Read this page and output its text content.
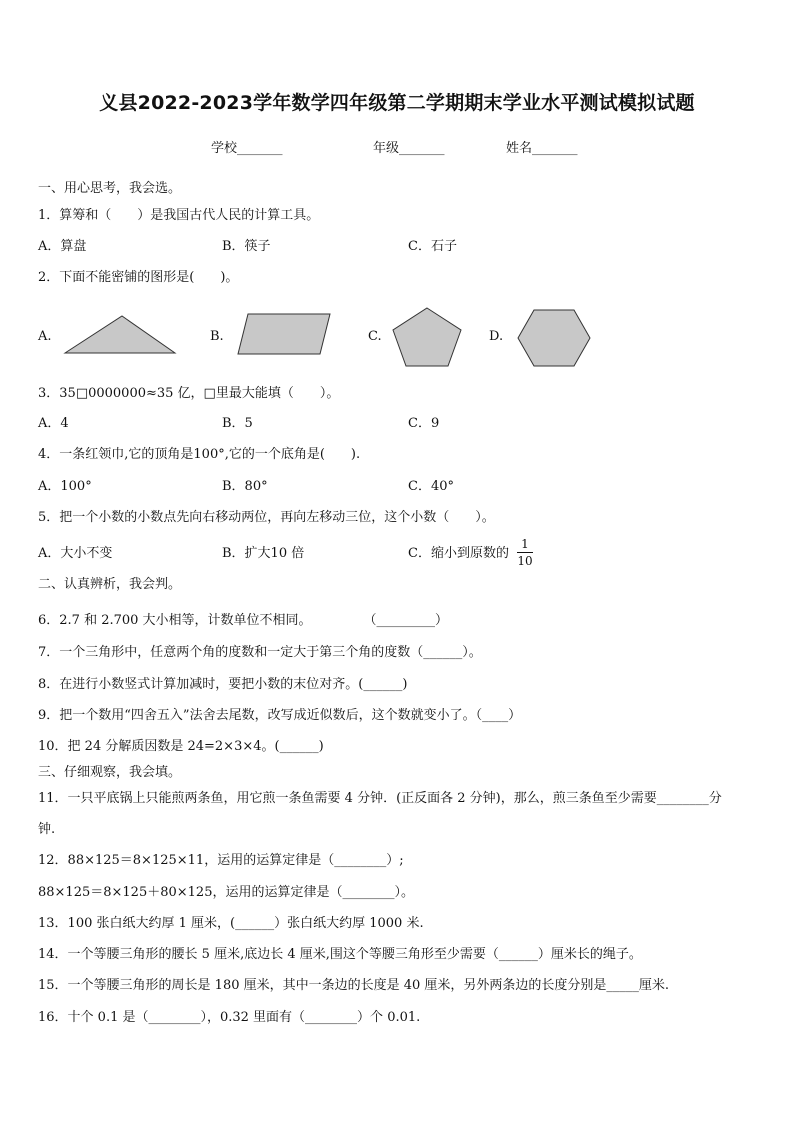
义县2022-2023学年数学四年级第二学期期末学业水平测试模拟试题
学校_______	年级_______	姓名_______
一、用心思考，我会选。
1．算筹和（　　）是我国古代人民的计算工具。
A．算盘	B．筷子	C．石子
2．下面不能密铺的图形是(　　)。
A.	B.	C.	D.
3．35□0000000≈35 亿，□里最大能填（　　）。
A．4	B．5	C．9
4．一条红领巾,它的顶角是100°,它的一个底角是(　　).
A．100°	B．80°	C．40°
5．把一个小数的小数点先向右移动两位，再向左移动三位，这个小数（　　）。
A．大小不变	B．扩大10 倍	C．缩小到原数的
1
10
二、认真辨析，我会判。
6．2.7 和 2.700 大小相等，计数单位不相同。　　　　　（_________）
7．一个三角形中，任意两个角的度数和一定大于第三个角的度数（______）。
8．在进行小数竖式计算加减时，要把小数的末位对齐。(______)
9．把一个数用“四舍五入”法舍去尾数，改写成近似数后，这个数就变小了。（____）
10．把 24 分解质因数是 24=2×3×4。(______)
三、仔细观察，我会填。
11．一只平底锅上只能煎两条鱼，用它煎一条鱼需要 4 分钟．(正反面各 2 分钟)，那么，煎三条鱼至少需要________分
钟.
12．88×125＝8×125×11，运用的运算定律是（________）;
88×125＝8×125＋80×125，运用的运算定律是（________）。
13．100 张白纸大约厚 1 厘米，(______）张白纸大约厚 1000 米.
14．一个等腰三角形的腰长 5 厘米,底边长 4 厘米,围这个等腰三角形至少需要（______）厘米长的绳子。
15．一个等腰三角形的周长是 180 厘米，其中一条边的长度是 40 厘米，另外两条边的长度分别是_____厘米.
16．十个 0.1 是（________），0.32 里面有（________）个 0.01.
